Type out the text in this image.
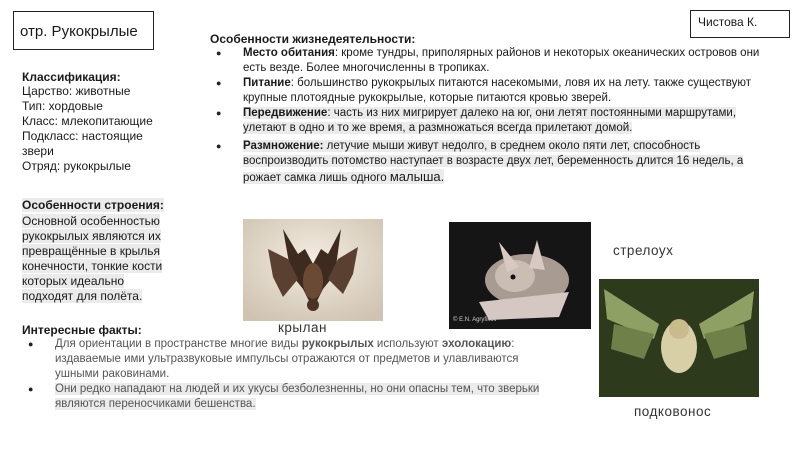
отр. Рукокрылые
Чистова К.
Классификация:
Царство: животные
Тип: хордовые
Класс: млекопитающие
Подкласс: настоящие
звери
Отряд: рукокрылые
Особенности строения:
Основной особенностью
рукокрылых являются их
превращённые в крылья
конечности, тонкие кости
которых идеально
подходят для полёта.
Особенности жизнедеятельности:
● Место обитания: кроме тундры, приполярных районов и некоторых океанических островов они есть везде. Более многочисленны в тропиках.
● Питание: большинство рукокрылых питаются насекомыми, ловя их на лету. также существуют крупные плотоядные рукокрылые, которые питаются кровью зверей.
● Передвижение: часть из них мигрирует далеко на юг, они летят постоянными маршрутами, улетают в одно и то же время, а размножаться всегда прилетают домой.
● Размножение: летучие мыши живут недолго, в среднем около пяти лет, способность воспроизводить потомство наступает в возрасте двух лет, беременность длится 16 недель, а рожает самка лишь одного малыша.
Интересные факты:
● Для ориентации в пространстве многие виды рукокрылых используют эхолокацию: издаваемые ими ультразвуковые импульсы отражаются от предметов и улавливаются ушными раковинами.
● Они редко нападают на людей и их укусы безболезненны, но они опасны тем, что зверьки являются переносчиками бешенства.
крылан	© E.N. Agryfikov
стрелоух
подковонос
